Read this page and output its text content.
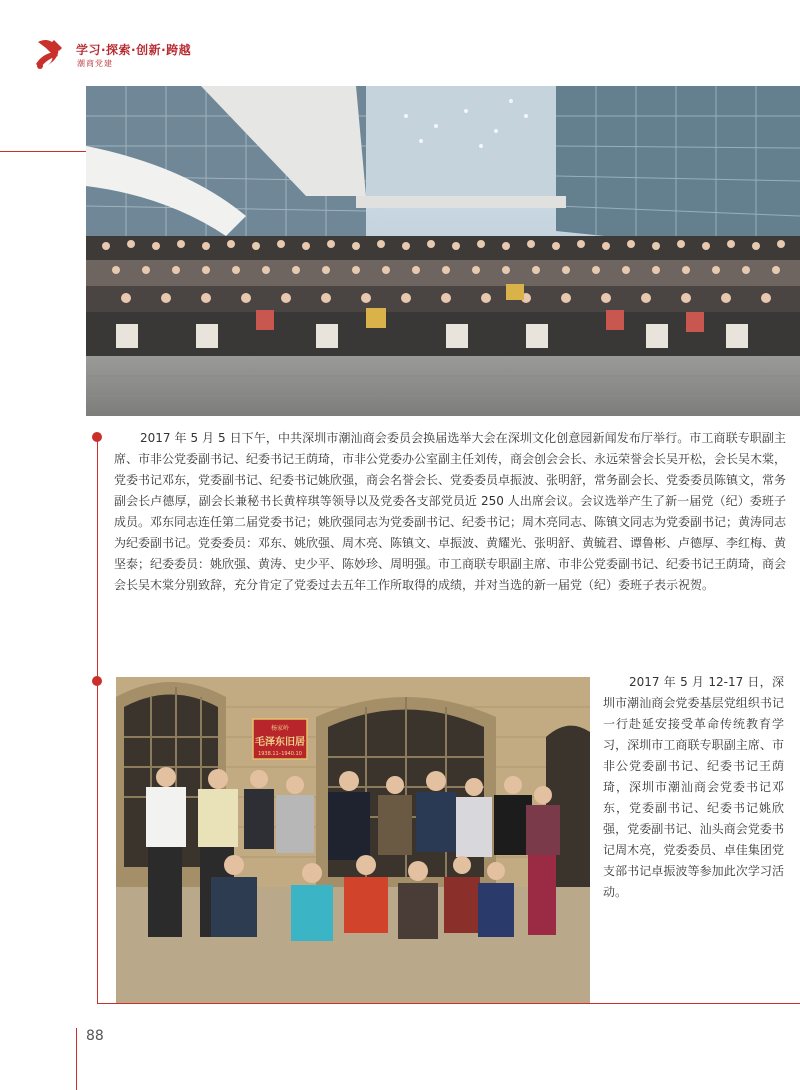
学习·探索·创新·跨越
潮商党建
2017 年 5 月 5 日下午，中共深圳市潮汕商会委员会换届选举大会在深圳文化创意园新闻发布厅举行。市工商联专职副主席、市非公党委副书记、纪委书记王荫琦，市非公党委办公室副主任刘传，商会创会会长、永远荣誉会长吴开松，会长吴木棠，党委书记邓东，党委副书记、纪委书记姚欣强，商会名誉会长、党委委员卓振波、张明舒，常务副会长、党委委员陈镇文，常务副会长卢德厚，副会长兼秘书长黄梓琪等领导以及党委各支部党员近 250 人出席会议。会议选举产生了新一届党（纪）委班子成员。邓东同志连任第二届党委书记；姚欣强同志为党委副书记、纪委书记；周木亮同志、陈镇文同志为党委副书记；黄涛同志为纪委副书记。党委委员：邓东、姚欣强、周木亮、陈镇文、卓振波、黄耀光、张明舒、黄毓君、谭鲁彬、卢德厚、李红梅、黄坚泰；纪委委员：姚欣强、黄涛、史少平、陈妙珍、周明强。市工商联专职副主席、市非公党委副书记、纪委书记王荫琦，商会会长吴木棠分别致辞，充分肯定了党委过去五年工作所取得的成绩，并对当选的新一届党（纪）委班子表示祝贺。
杨家岭
毛泽东旧居
1938.11–1940.10
2017 年 5 月 12-17 日，深圳市潮汕商会党委基层党组织书记一行赴延安接受革命传统教育学习，深圳市工商联专职副主席、市非公党委副书记、纪委书记王荫琦，深圳市潮汕商会党委书记邓东，党委副书记、纪委书记姚欣强，党委副书记、汕头商会党委书记周木亮，党委委员、卓佳集团党支部书记卓振波等参加此次学习活动。
88
